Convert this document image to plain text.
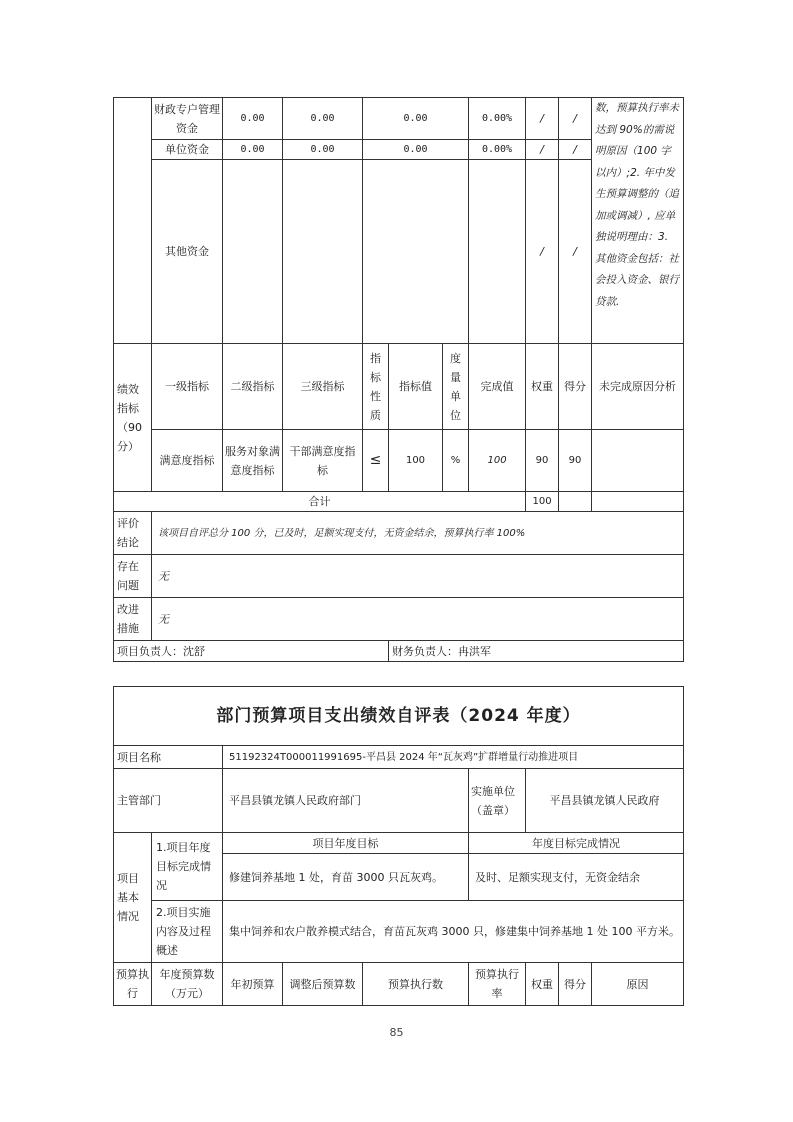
	财政专户管理资金	0.00	0.00	0.00			0.00%	/	/	数，预算执行率未达到 90%的需说明原因（100 字以内）;2. 年中发生预算调整的（追加或调减）, 应单独说明理由：3. 其他资金包括：社会投入资金、银行贷款.
	单位资金	0.00	0.00	0.00			0.00%	/	/	
	其他资金							/	/	
绩效指标（90分）	一级指标	二级指标	三级指标	指标性质	指标值	度量单位	完成值	权重	得分	未完成原因分析
	满意度指标	服务对象满意度指标	干部满意度指标	≤	100	%	100	90	90	
合计								100		
评价结论	该项目自评总分 100 分，已及时，足额实现支付，无资金结余，预算执行率 100%									
存在问题	无									
改进措施	无									
项目负责人：沈舒					财务负责人：冉洪军					
部门预算项目支出绩效自评表（2024 年度）								
项目名称		51192324T000011991695-平昌县 2024 年“瓦灰鸡”扩群增量行动推进项目						
主管部门		平昌县镇龙镇人民政府部门			实施单位（盖章）	平昌县镇龙镇人民政府		
项目基本情况	1.项目年度目标完成情况	项目年度目标			年度目标完成情况			
		修建饲养基地 1 处，育苗 3000 只瓦灰鸡。			及时、足额实现支付，无资金结余			
	2.项目实施内容及过程概述	集中饲养和农户散养模式结合，育苗瓦灰鸡 3000 只，修建集中饲养基地 1 处 100 平方米。						
预算执行	年度预算数（万元）	年初预算	调整后预算数	预算执行数	预算执行率	权重	得分	原因
85
